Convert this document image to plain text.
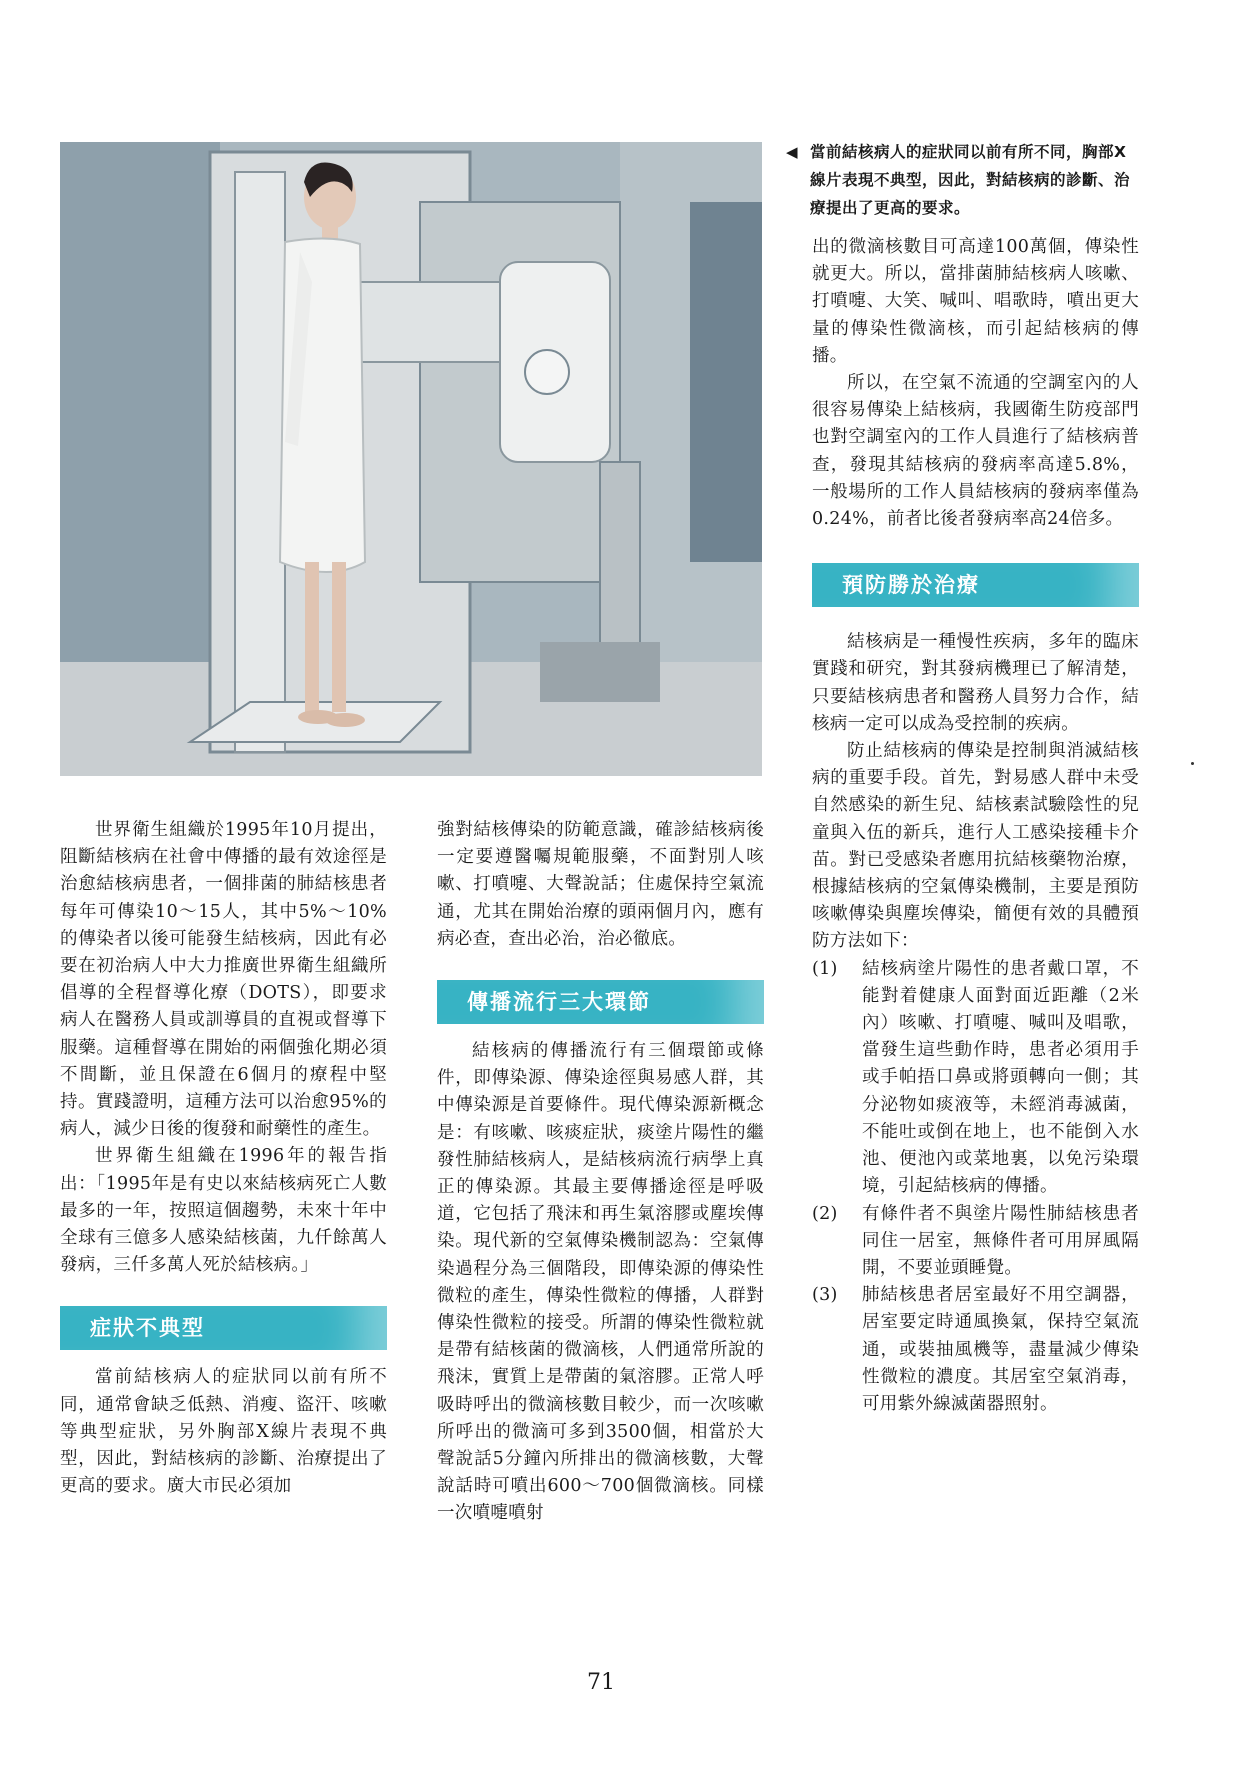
◀ 當前結核病人的症狀同以前有所不同，胸部X線片表現不典型，因此，對結核病的診斷、治療提出了更高的要求。

世界衛生組織於1995年10月提出，阻斷結核病在社會中傳播的最有效途徑是治愈結核病患者，一個排菌的肺結核患者每年可傳染10～15人，其中5%～10%的傳染者以後可能發生結核病，因此有必要在初治病人中大力推廣世界衛生組織所倡導的全程督導化療（DOTS），即要求病人在醫務人員或訓導員的直視或督導下服藥。這種督導在開始的兩個強化期必須不間斷，並且保證在6個月的療程中堅持。實踐證明，這種方法可以治愈95%的病人，減少日後的復發和耐藥性的產生。

世界衛生組織在1996年的報告指出：「1995年是有史以來結核病死亡人數最多的一年，按照這個趨勢，未來十年中全球有三億多人感染結核菌，九仟餘萬人發病，三仟多萬人死於結核病。」

症狀不典型

當前結核病人的症狀同以前有所不同，通常會缺乏低熱、消瘦、盜汗、咳嗽等典型症狀，另外胸部X線片表現不典型，因此，對結核病的診斷、治療提出了更高的要求。廣大市民必須加

強對結核傳染的防範意識，確診結核病後一定要遵醫囑規範服藥，不面對別人咳嗽、打噴嚏、大聲說話；住處保持空氣流通，尤其在開始治療的頭兩個月內，應有病必查，查出必治，治必徹底。

傳播流行三大環節

結核病的傳播流行有三個環節或條件，即傳染源、傳染途徑與易感人群，其中傳染源是首要條件。現代傳染源新概念是：有咳嗽、咳痰症狀，痰塗片陽性的繼發性肺結核病人，是結核病流行病學上真正的傳染源。其最主要傳播途徑是呼吸道，它包括了飛沫和再生氣溶膠或塵埃傳染。現代新的空氣傳染機制認為：空氣傳染過程分為三個階段，即傳染源的傳染性微粒的產生，傳染性微粒的傳播，人群對傳染性微粒的接受。所謂的傳染性微粒就是帶有結核菌的微滴核，人們通常所說的飛沫，實質上是帶菌的氣溶膠。正常人呼吸時呼出的微滴核數目較少，而一次咳嗽所呼出的微滴可多到3500個，相當於大聲說話5分鐘內所排出的微滴核數，大聲說話時可噴出600～700個微滴核。同樣一次噴嚏噴射

出的微滴核數目可高達100萬個，傳染性就更大。所以，當排菌肺結核病人咳嗽、打噴嚏、大笑、喊叫、唱歌時，噴出更大量的傳染性微滴核，而引起結核病的傳播。

所以，在空氣不流通的空調室內的人很容易傳染上結核病，我國衛生防疫部門也對空調室內的工作人員進行了結核病普查，發現其結核病的發病率高達5.8%，一般場所的工作人員結核病的發病率僅為0.24%，前者比後者發病率高24倍多。

預防勝於治療

結核病是一種慢性疾病，多年的臨床實踐和研究，對其發病機理已了解清楚，只要結核病患者和醫務人員努力合作，結核病一定可以成為受控制的疾病。

防止結核病的傳染是控制與消滅結核病的重要手段。首先，對易感人群中未受自然感染的新生兒、結核素試驗陰性的兒童與入伍的新兵，進行人工感染接種卡介苗。對已受感染者應用抗結核藥物治療，根據結核病的空氣傳染機制，主要是預防咳嗽傳染與塵埃傳染，簡便有效的具體預防方法如下：

(1) 結核病塗片陽性的患者戴口罩，不能對着健康人面對面近距離（2米內）咳嗽、打噴嚏、喊叫及唱歌，當發生這些動作時，患者必須用手或手帕捂口鼻或將頭轉向一側；其分泌物如痰液等，未經消毒滅菌，不能吐或倒在地上，也不能倒入水池、便池內或菜地裏，以免污染環境，引起結核病的傳播。
(2) 有條件者不與塗片陽性肺結核患者同住一居室，無條件者可用屏風隔開，不要並頭睡覺。
(3) 肺結核患者居室最好不用空調器，居室要定時通風換氣，保持空氣流通，或裝抽風機等，盡量減少傳染性微粒的濃度。其居室空氣消毒，可用紫外線滅菌器照射。
71
